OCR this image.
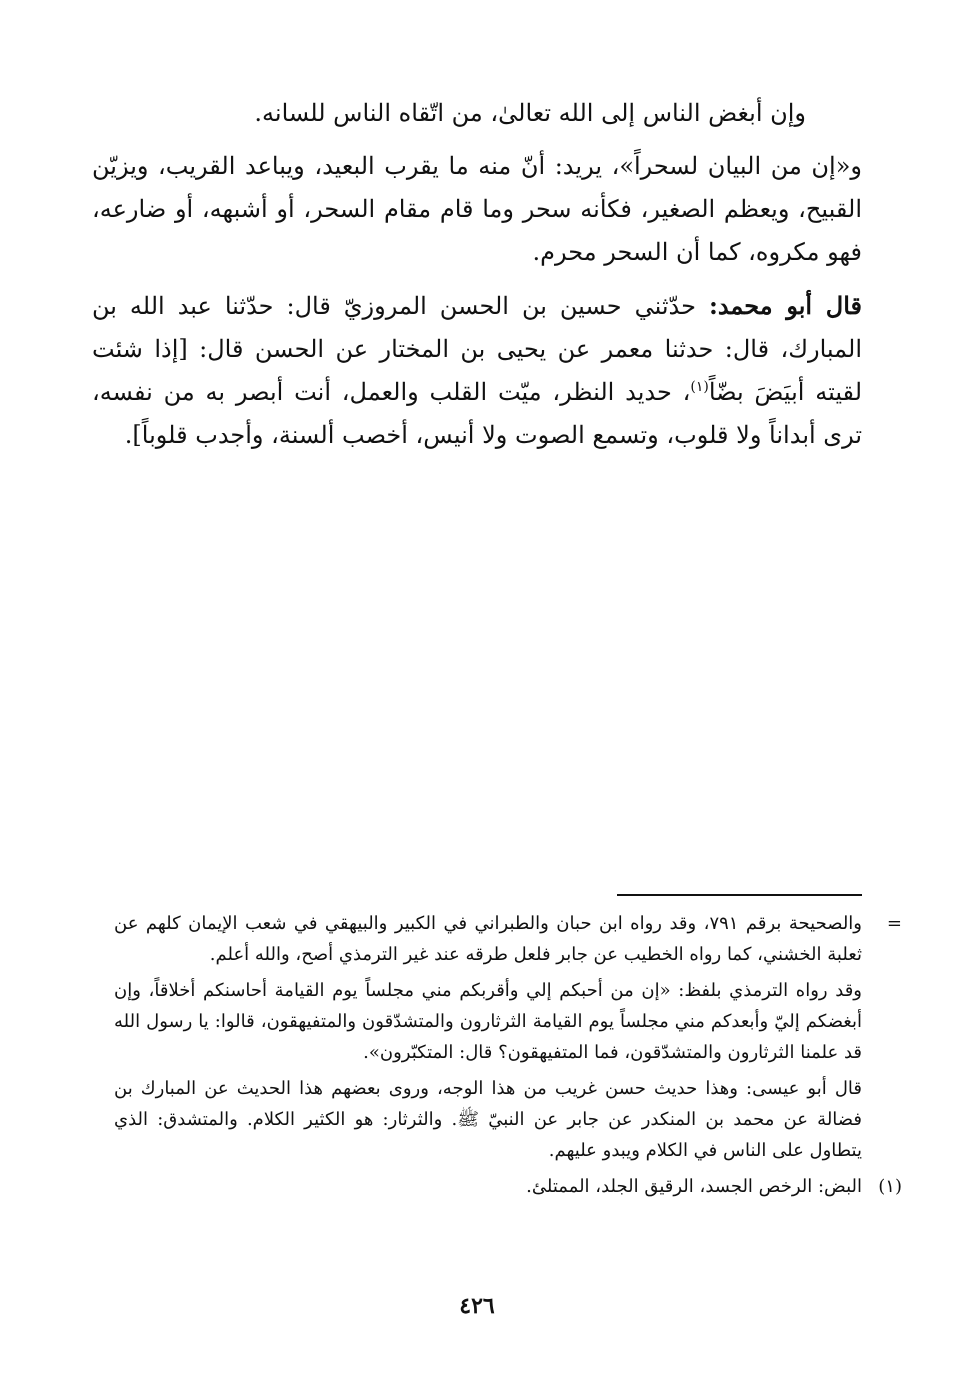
وإن أبغض الناس إلى الله تعالىٰ، من اتّقاه الناس للسانه.

و«إن من البيان لسحراً»، يريد: أنّ منه ما يقرب البعيد، ويباعد القريب، ويزيّن القبيح، ويعظم الصغير، فكأنه سحر وما قام مقام السحر، أو أشبهه، أو ضارعه، فهو مكروه، كما أن السحر محرم.

قال أبو محمد: حدّثني حسين بن الحسن المروزيّ قال: حدّثنا عبد الله بن المبارك، قال: حدثنا معمر عن يحيى بن المختار عن الحسن قال: [إذا شئت لقيته أبيَضَ بضّاً$^{(١)}$، حديد النظر، ميّت القلب والعمل، أنت أبصر به من نفسه، ترى أبداناً ولا قلوب، وتسمع الصوت ولا أنيس، أخصب ألسنة، وأجدب قلوباً].

=
والصحيحة برقم ٧٩١، وقد رواه ابن حبان والطبراني في الكبير والبيهقي في شعب الإيمان كلهم عن ثعلبة الخشني، كما رواه الخطيب عن جابر فلعل طرقه عند غير الترمذي أصح، والله أعلم.
وقد رواه الترمذي بلفظ: «إن من أحبكم إلي وأقربكم مني مجلساً يوم القيامة أحاسنكم أخلاقاً، وإن أبغضكم إليّ وأبعدكم مني مجلساً يوم القيامة الثرثارون والمتشدّقون والمتفيهقون، قالوا: يا رسول الله قد علمنا الثرثارون والمتشدّقون، فما المتفيهقون؟ قال: المتكبّرون».
قال أبو عيسى: وهذا حديث حسن غريب من هذا الوجه، وروى بعضهم هذا الحديث عن المبارك بن فضالة عن محمد بن المنكدر عن جابر عن النبيّ ﷺ. والثرثار: هو الكثير الكلام. والمتشدق: الذي يتطاول على الناس في الكلام ويبدو عليهم.
(١)
البض: الرخص الجسد، الرقيق الجلد، الممتلئ.
٤٢٦
